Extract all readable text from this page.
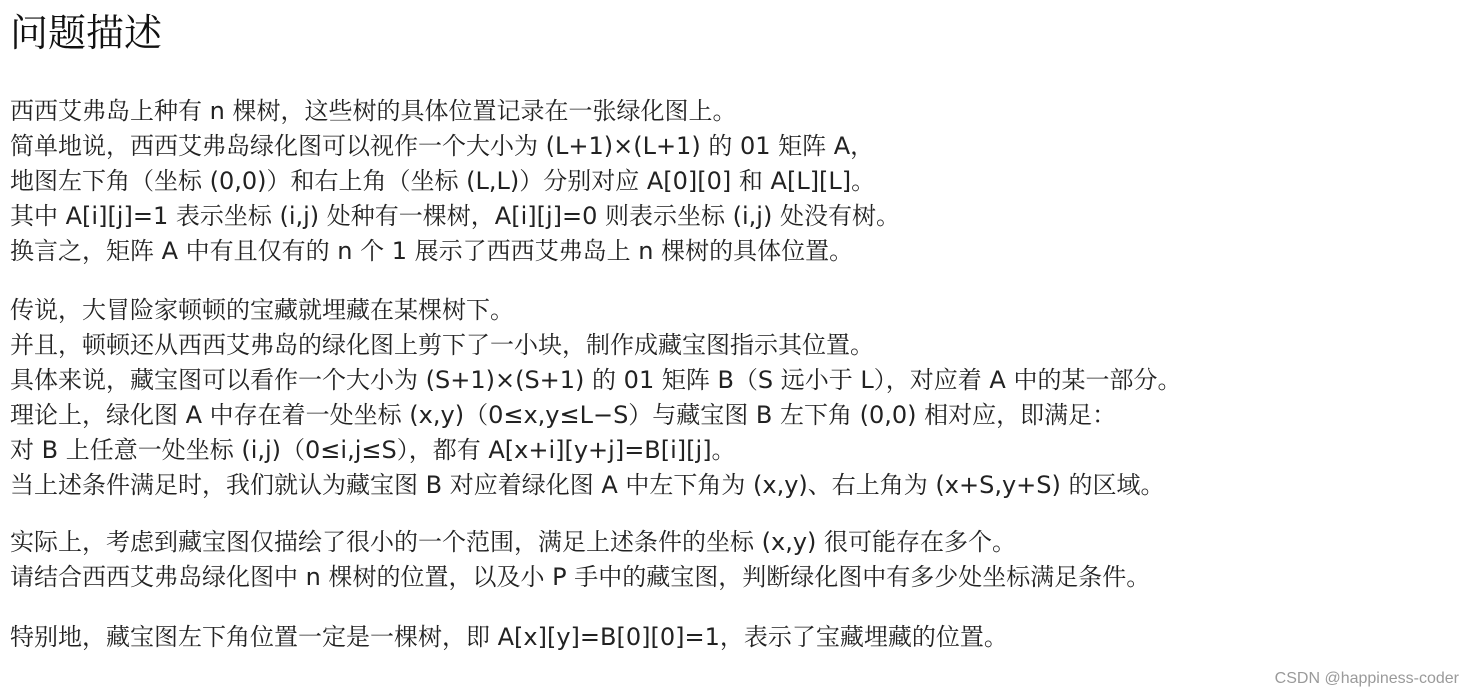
问题描述
西西艾弗岛上种有 n 棵树，这些树的具体位置记录在一张绿化图上。
简单地说，西西艾弗岛绿化图可以视作一个大小为 (L+1)×(L+1) 的 01 矩阵 A，
地图左下角（坐标 (0,0)）和右上角（坐标 (L,L)）分别对应 A[0][0] 和 A[L][L]。
其中 A[i][j]=1 表示坐标 (i,j) 处种有一棵树，A[i][j]=0 则表示坐标 (i,j) 处没有树。
换言之，矩阵 A 中有且仅有的 n 个 1 展示了西西艾弗岛上 n 棵树的具体位置。
传说，大冒险家顿顿的宝藏就埋藏在某棵树下。
并且，顿顿还从西西艾弗岛的绿化图上剪下了一小块，制作成藏宝图指示其位置。
具体来说，藏宝图可以看作一个大小为 (S+1)×(S+1) 的 01 矩阵 B（S 远小于 L），对应着 A 中的某一部分。
理论上，绿化图 A 中存在着一处坐标 (x,y)（0≤x,y≤L−S）与藏宝图 B 左下角 (0,0) 相对应，即满足：
对 B 上任意一处坐标 (i,j)（0≤i,j≤S），都有 A[x+i][y+j]=B[i][j]。
当上述条件满足时，我们就认为藏宝图 B 对应着绿化图 A 中左下角为 (x,y)、右上角为 (x+S,y+S) 的区域。
实际上，考虑到藏宝图仅描绘了很小的一个范围，满足上述条件的坐标 (x,y) 很可能存在多个。
请结合西西艾弗岛绿化图中 n 棵树的位置，以及小 P 手中的藏宝图，判断绿化图中有多少处坐标满足条件。
特别地，藏宝图左下角位置一定是一棵树，即 A[x][y]=B[0][0]=1，表示了宝藏埋藏的位置。
CSDN @happiness-coder
